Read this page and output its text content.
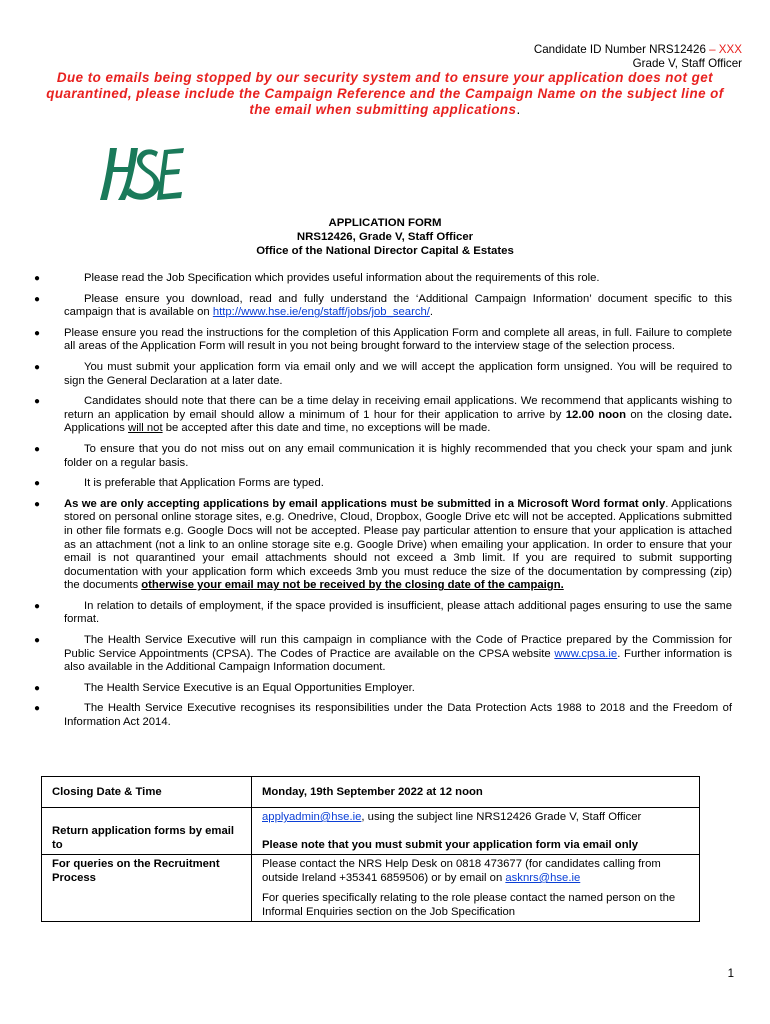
Candidate ID Number NRS12426 – XXX
Grade V, Staff Officer
Due to emails being stopped by our security system and to ensure your application does not get quarantined, please include the Campaign Reference and the Campaign Name on the subject line of the email when submitting applications.
APPLICATION FORM
NRS12426, Grade V, Staff Officer
Office of the National Director Capital & Estates
●	Please read the Job Specification which provides useful information about the requirements of this role.
●	Please ensure you download, read and fully understand the ‘Additional Campaign Information’ document specific to this campaign that is available on http://www.hse.ie/eng/staff/jobs/job_search/.
● Please ensure you read the instructions for the completion of this Application Form and complete all areas, in full. Failure to complete all areas of the Application Form will result in you not being brought forward to the interview stage of the selection process.
●	You must submit your application form via email only and we will accept the application form unsigned. You will be required to sign the General Declaration at a later date.
●	Candidates should note that there can be a time delay in receiving email applications. We recommend that applicants wishing to return an application by email should allow a minimum of 1 hour for their application to arrive by 12.00 noon on the closing date. Applications will not be accepted after this date and time, no exceptions will be made.
●	To ensure that you do not miss out on any email communication it is highly recommended that you check your spam and junk folder on a regular basis.
●	It is preferable that Application Forms are typed.
● As we are only accepting applications by email applications must be submitted in a Microsoft Word format only. Applications stored on personal online storage sites, e.g. Onedrive, Cloud, Dropbox, Google Drive etc will not be accepted. Applications submitted in other file formats e.g. Google Docs will not be accepted. Please pay particular attention to ensure that your application is attached as an attachment (not a link to an online storage site e.g. Google Drive) when emailing your application. In order to ensure that your email is not quarantined your email attachments should not exceed a 3mb limit. If you are required to submit supporting documentation with your application form which exceeds 3mb you must reduce the size of the documentation by compressing (zip) the documents otherwise your email may not be received by the closing date of the campaign.
●	In relation to details of employment, if the space provided is insufficient, please attach additional pages ensuring to use the same format.
●	The Health Service Executive will run this campaign in compliance with the Code of Practice prepared by the Commission for Public Service Appointments (CPSA). The Codes of Practice are available on the CPSA website www.cpsa.ie. Further information is also available in the Additional Campaign Information document.
●	The Health Service Executive is an Equal Opportunities Employer.
●	The Health Service Executive recognises its responsibilities under the Data Protection Acts 1988 to 2018 and the Freedom of Information Act 2014.
Closing Date & Time	Monday, 19th September 2022 at 12 noon
Return application forms by email to	applyadmin@hse.ie, using the subject line NRS12426 Grade V, Staff Officer
Please note that you must submit your application form via email only

For queries on the Recruitment Process	Please contact the NRS Help Desk on 0818 473677 (for candidates calling from outside Ireland +35341 6859506) or by email on asknrs@hse.ie
For queries specifically relating to the role please contact the named person on the Informal Enquiries section on the Job Specification
1
